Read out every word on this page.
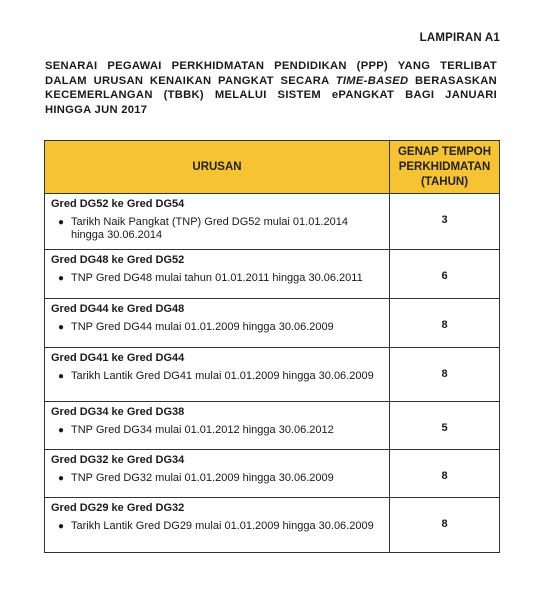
LAMPIRAN A1
SENARAI PEGAWAI PERKHIDMATAN PENDIDIKAN (PPP) YANG TERLIBAT DALAM URUSAN KENAIKAN PANGKAT SECARA TIME-BASED BERASASKAN KECEMERLANGAN (TBBK) MELALUI SISTEM ePANGKAT BAGI JANUARI HINGGA JUN 2017
URUSAN	GENAP TEMPOH
PERKHIDMATAN
(TAHUN)

Gred DG52 ke Gred DG54
● Tarikh Naik Pangkat (TNP) Gred DG52 mulai 01.01.2014 hingga 30.06.2014	3

Gred DG48 ke Gred DG52
● TNP Gred DG48 mulai tahun 01.01.2011 hingga 30.06.2011	6

Gred DG44 ke Gred DG48
● TNP Gred DG44 mulai 01.01.2009 hingga 30.06.2009	8

Gred DG41 ke Gred DG44
● Tarikh Lantik Gred DG41 mulai 01.01.2009 hingga 30.06.2009	8

Gred DG34 ke Gred DG38
● TNP Gred DG34 mulai 01.01.2012 hingga 30.06.2012	5

Gred DG32 ke Gred DG34
● TNP Gred DG32 mulai 01.01.2009 hingga 30.06.2009	8

Gred DG29 ke Gred DG32
● Tarikh Lantik Gred DG29 mulai 01.01.2009 hingga 30.06.2009	8
